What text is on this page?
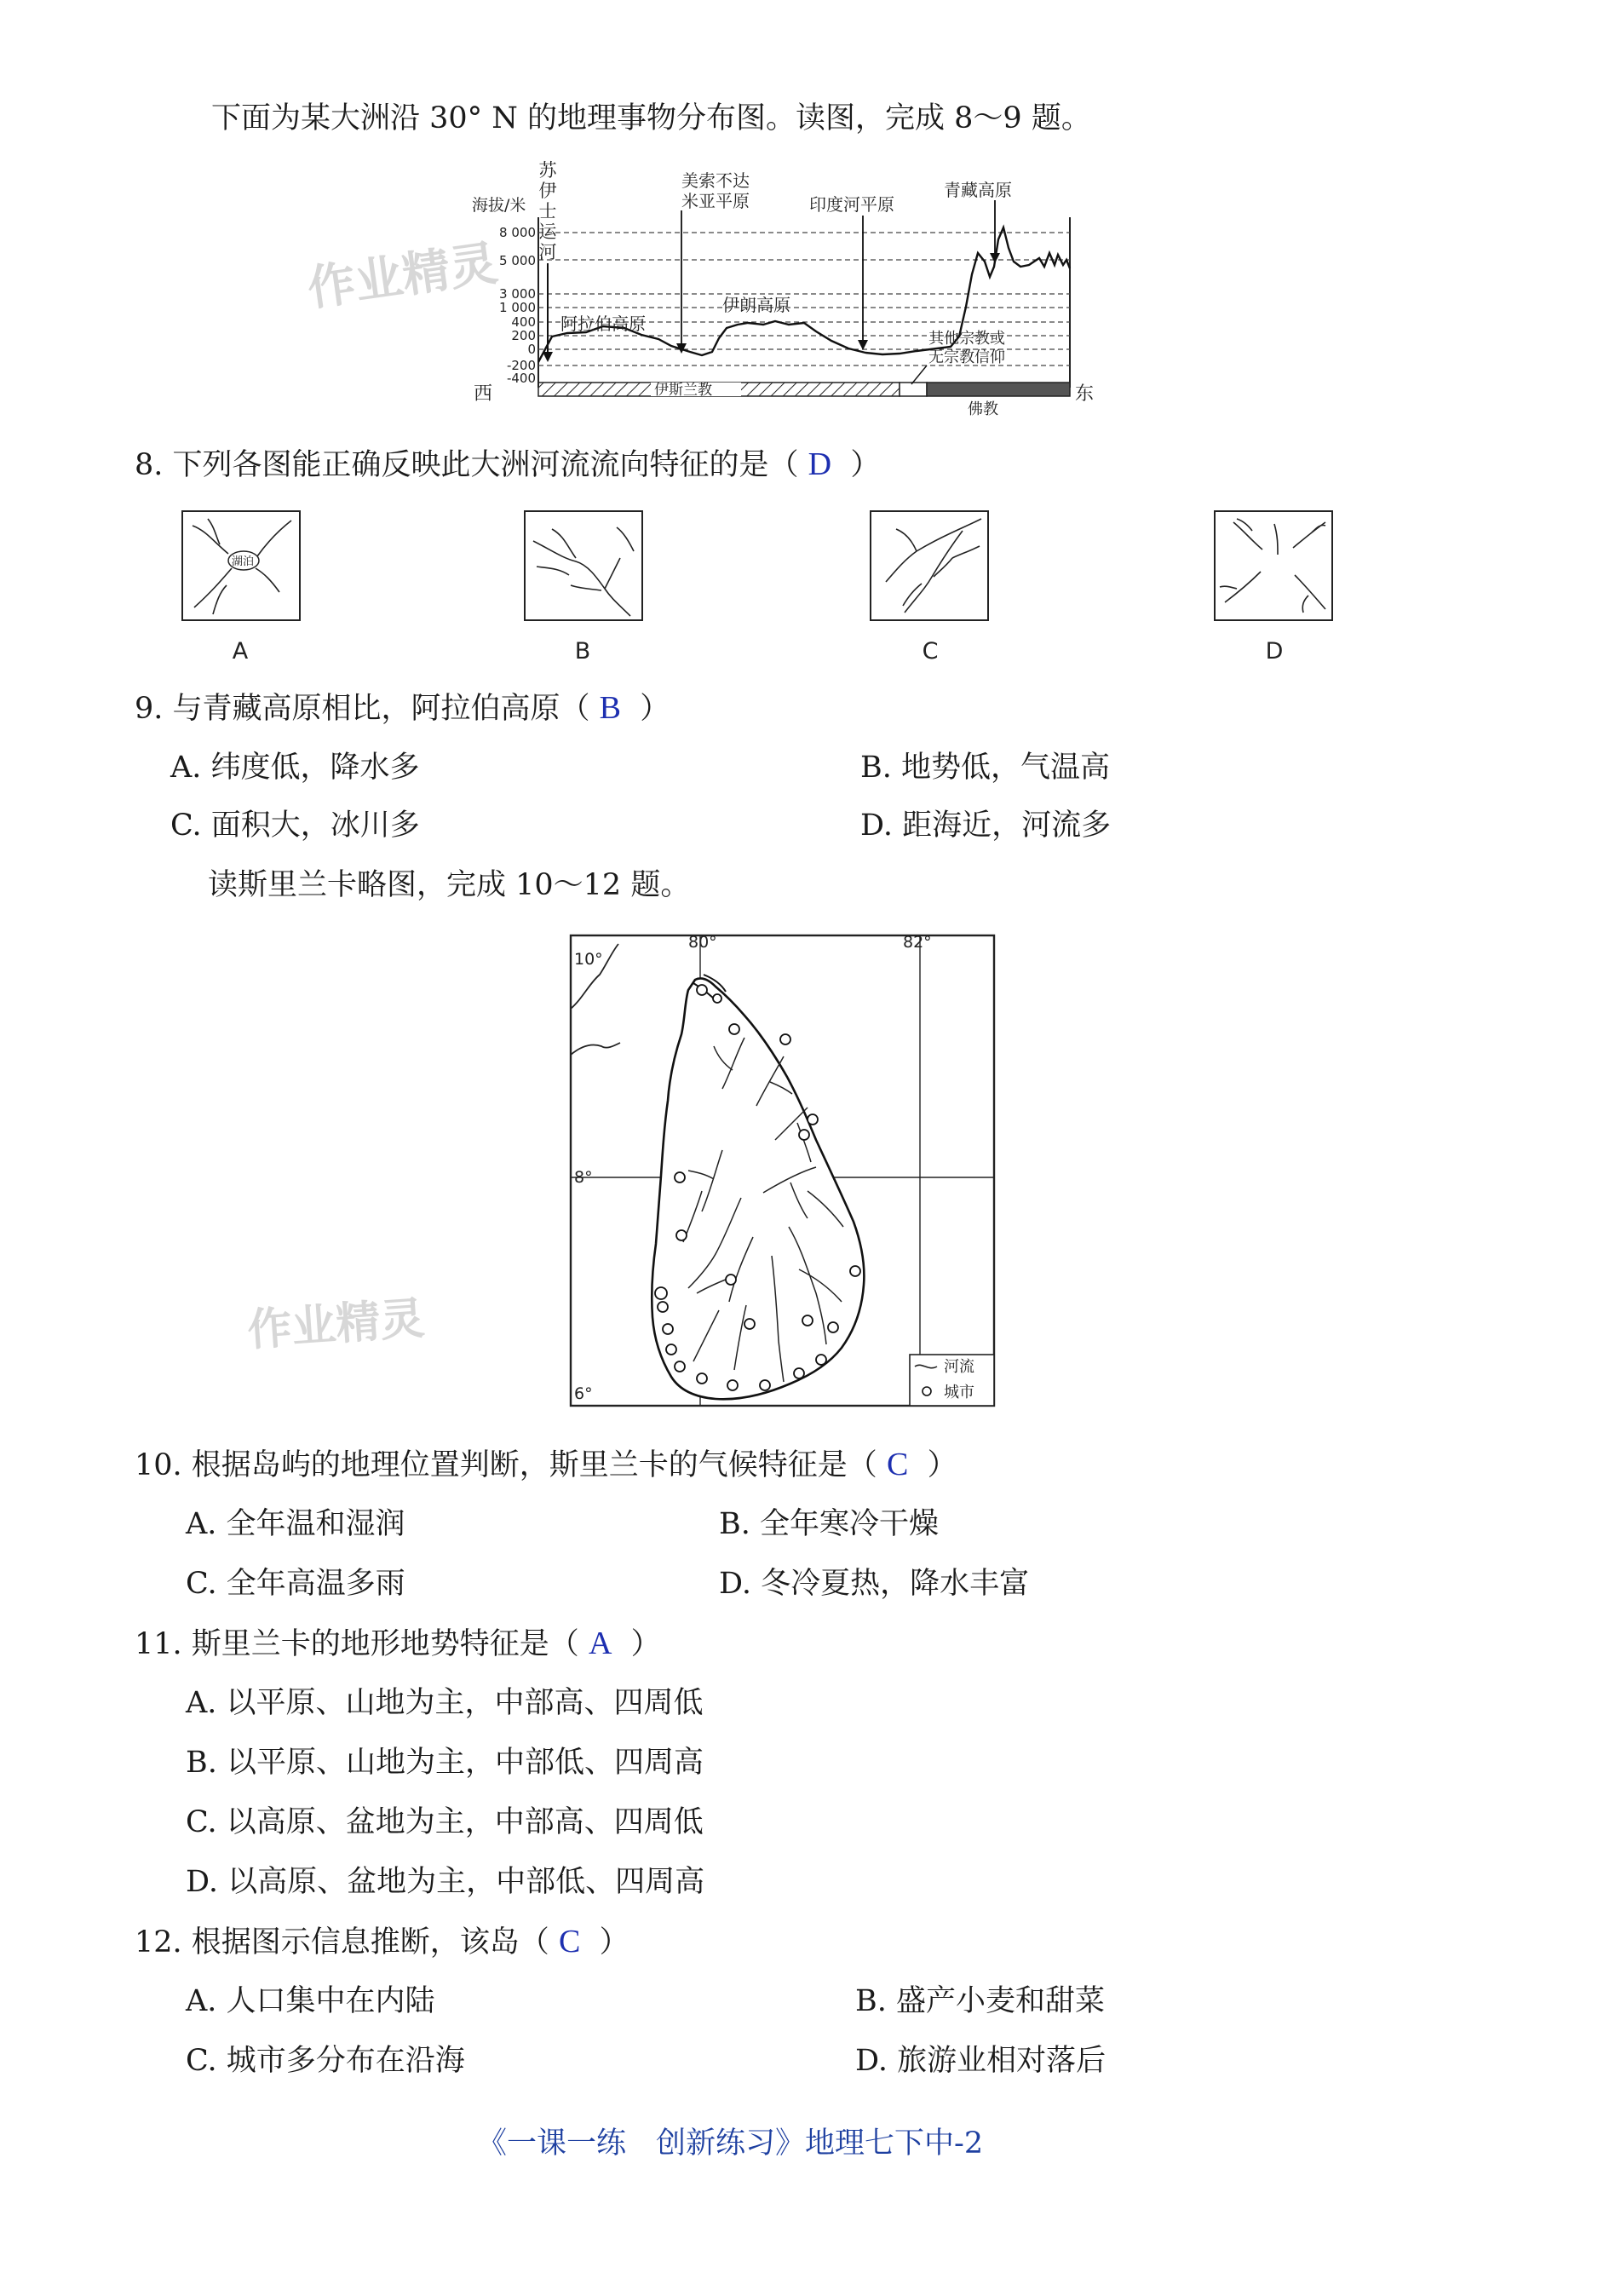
下面为某大洲沿 30° N 的地理事物分布图。读图，完成 8～9 题。
海拔/米
8 000
5 000
3 000
1 000
400
200
0
-200
-400
苏
伊
士
运
河
美索不达
米亚平原	印度河平原
青藏高原
阿拉伯高原
伊朗高原
伊斯兰教
其他宗教或
无宗教信仰
佛教
西	东
8. 下列各图能正确反映此大洲河流流向特征的是（ D ）
湖泊
A	B	C	D
9. 与青藏高原相比，阿拉伯高原（ B ）
A. 纬度低，降水多	B. 地势低，气温高
C. 面积大，冰川多	D. 距海近，河流多
读斯里兰卡略图，完成 10～12 题。
80°	82°
10°
8°
6°
河流
城市
10. 根据岛屿的地理位置判断，斯里兰卡的气候特征是（ C ）
A. 全年温和湿润	B. 全年寒冷干燥
C. 全年高温多雨	D. 冬冷夏热，降水丰富
11. 斯里兰卡的地形地势特征是（ A ）
A. 以平原、山地为主，中部高、四周低
B. 以平原、山地为主，中部低、四周高
C. 以高原、盆地为主，中部高、四周低
D. 以高原、盆地为主，中部低、四周高
12. 根据图示信息推断，该岛（ C ）
A. 人口集中在内陆	B. 盛产小麦和甜菜
C. 城市多分布在沿海	D. 旅游业相对落后
《一课一练　创新练习》地理七下中-2
作业精灵
作业精灵
